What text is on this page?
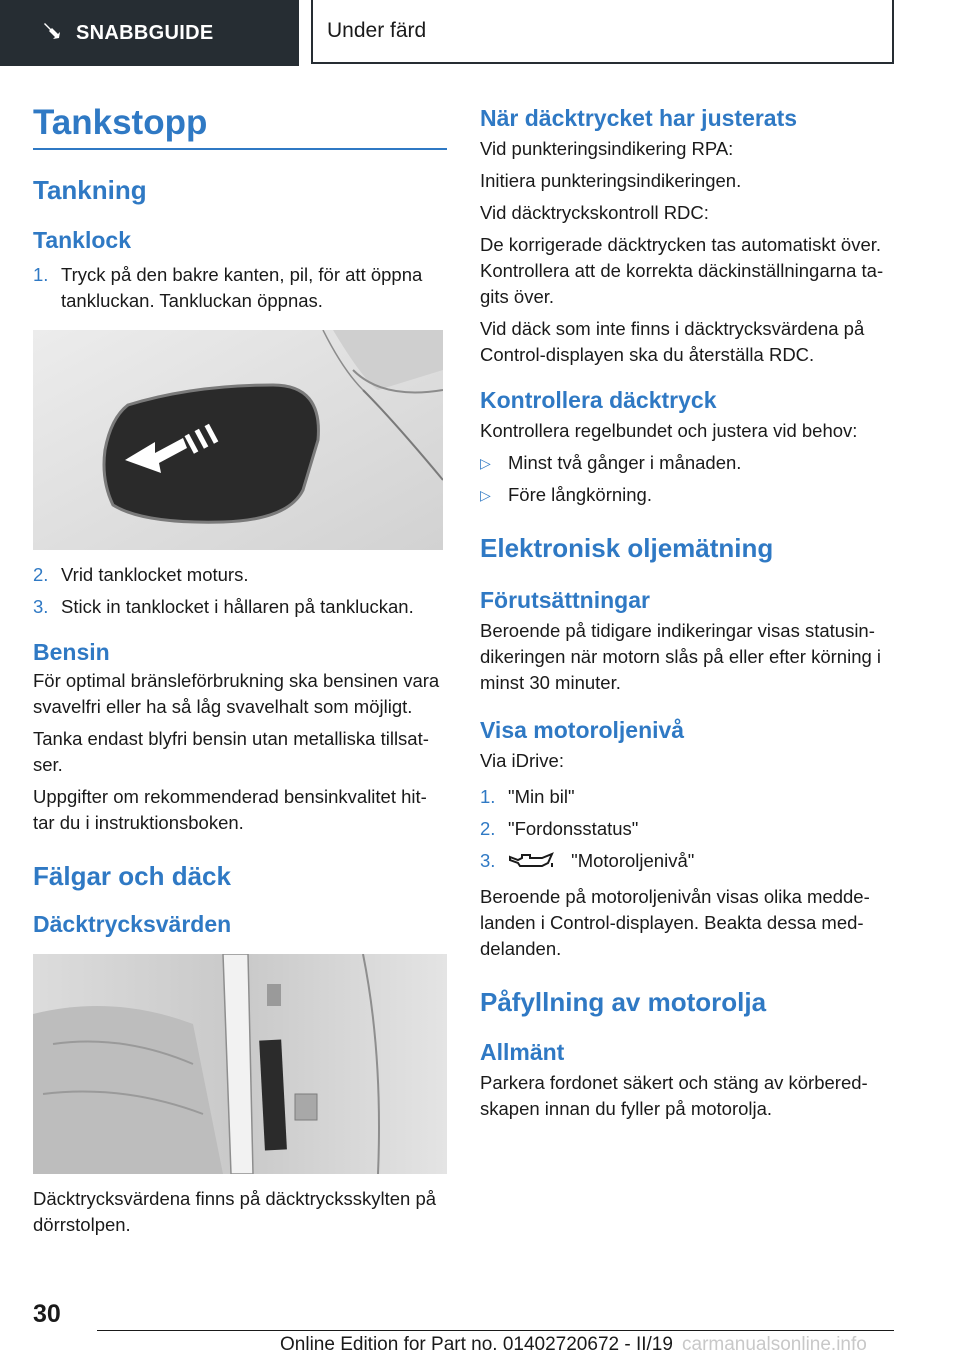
SNABBGUIDE	Under färd
Tankstopp
Tankning
Tanklock
1. Tryck på den bakre kanten, pil, för att öppna tankluckan. Tankluckan öppnas.
2. Vrid tanklocket moturs.
3. Stick in tanklocket i hållaren på tankluckan.
Bensin

För optimal bränsleförbrukning ska bensinen vara svavelfri eller ha så låg svavelhalt som möjligt.

Tanka endast blyfri bensin utan metalliska tillsat‐ser.

Uppgifter om rekommenderad bensinkvalitet hit‐tar du i instruktionsboken.

Fälgar och däck
Däcktrycksvärden

Däcktrycksvärdena finns på däcktrycksskylten på dörrstolpen.

När däcktrycket har justerats

Vid punkteringsindikering RPA:

Initiera punkteringsindikeringen.

Vid däcktryckskontroll RDC:

De korrigerade däcktrycken tas automatiskt över. Kontrollera att de korrekta däckinställningarna ta‐gits över.

Vid däck som inte finns i däcktrycksvärdena på Control-displayen ska du återställa RDC.

Kontrollera däcktryck

Kontrollera regelbundet och justera vid behov:

▷ Minst två gånger i månaden.
▷ Före långkörning.
Elektronisk oljemätning
Förutsättningar

Beroende på tidigare indikeringar visas statusin‐dikeringen när motorn slås på eller efter körning i minst 30 minuter.

Visa motoroljenivå

Via iDrive:

1. "Min bil"
2. "Fordonsstatus"
3.	"Motoroljenivå"

Beroende på motoroljenivån visas olika medde‐landen i Control-displayen. Beakta dessa med‐delanden.

Påfyllning av motorolja
Allmänt

Parkera fordonet säkert och stäng av körbered‐skapen innan du fyller på motorolja.

30
Online Edition for Part no. 01402720672 - II/19 carmanualsonline.info
